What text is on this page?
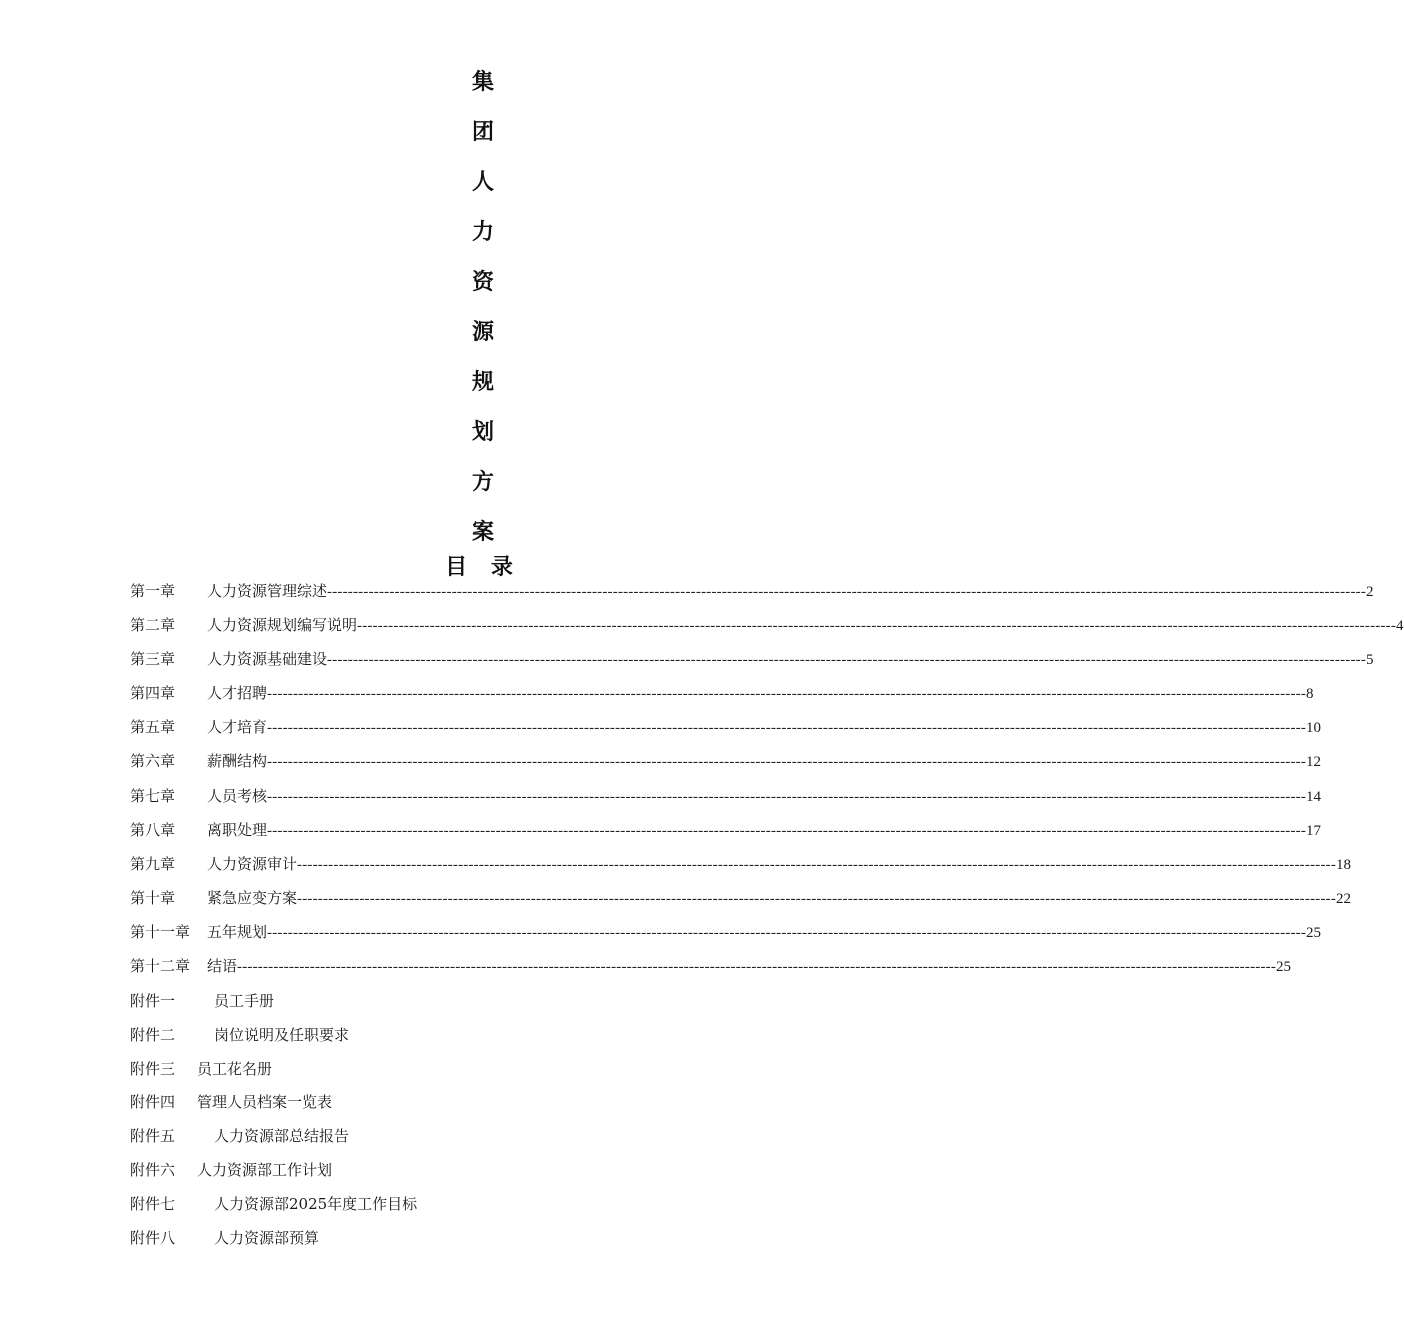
集
团
人
力
资
源
规
划
方
案
目 录
第一章	人力资源管理综述 -------------------------------------------------------------------------------------------------------------------------------------------------------------------------------------------------------- 2
第二章	人力资源规划编写说明 -------------------------------------------------------------------------------------------------------------------------------------------------------------------------------------------------------- 4
第三章	人力资源基础建设 -------------------------------------------------------------------------------------------------------------------------------------------------------------------------------------------------------- 5
第四章	人才招聘 -------------------------------------------------------------------------------------------------------------------------------------------------------------------------------------------------------- 8
第五章	人才培育 -------------------------------------------------------------------------------------------------------------------------------------------------------------------------------------------------------- 10
第六章	薪酬结构 -------------------------------------------------------------------------------------------------------------------------------------------------------------------------------------------------------- 12
第七章	人员考核 -------------------------------------------------------------------------------------------------------------------------------------------------------------------------------------------------------- 14
第八章	离职处理 -------------------------------------------------------------------------------------------------------------------------------------------------------------------------------------------------------- 17
第九章	人力资源审计 -------------------------------------------------------------------------------------------------------------------------------------------------------------------------------------------------------- 18
第十章	紧急应变方案 -------------------------------------------------------------------------------------------------------------------------------------------------------------------------------------------------------- 22
第十一章	五年规划 -------------------------------------------------------------------------------------------------------------------------------------------------------------------------------------------------------- 25
第十二章	结语 -------------------------------------------------------------------------------------------------------------------------------------------------------------------------------------------------------- 25
附件一	员工手册
附件二	岗位说明及任职要求
附件三	员工花名册
附件四	管理人员档案一览表
附件五	人力资源部总结报告
附件六	人力资源部工作计划
附件七	人力资源部2025年度工作目标
附件八	人力资源部预算
